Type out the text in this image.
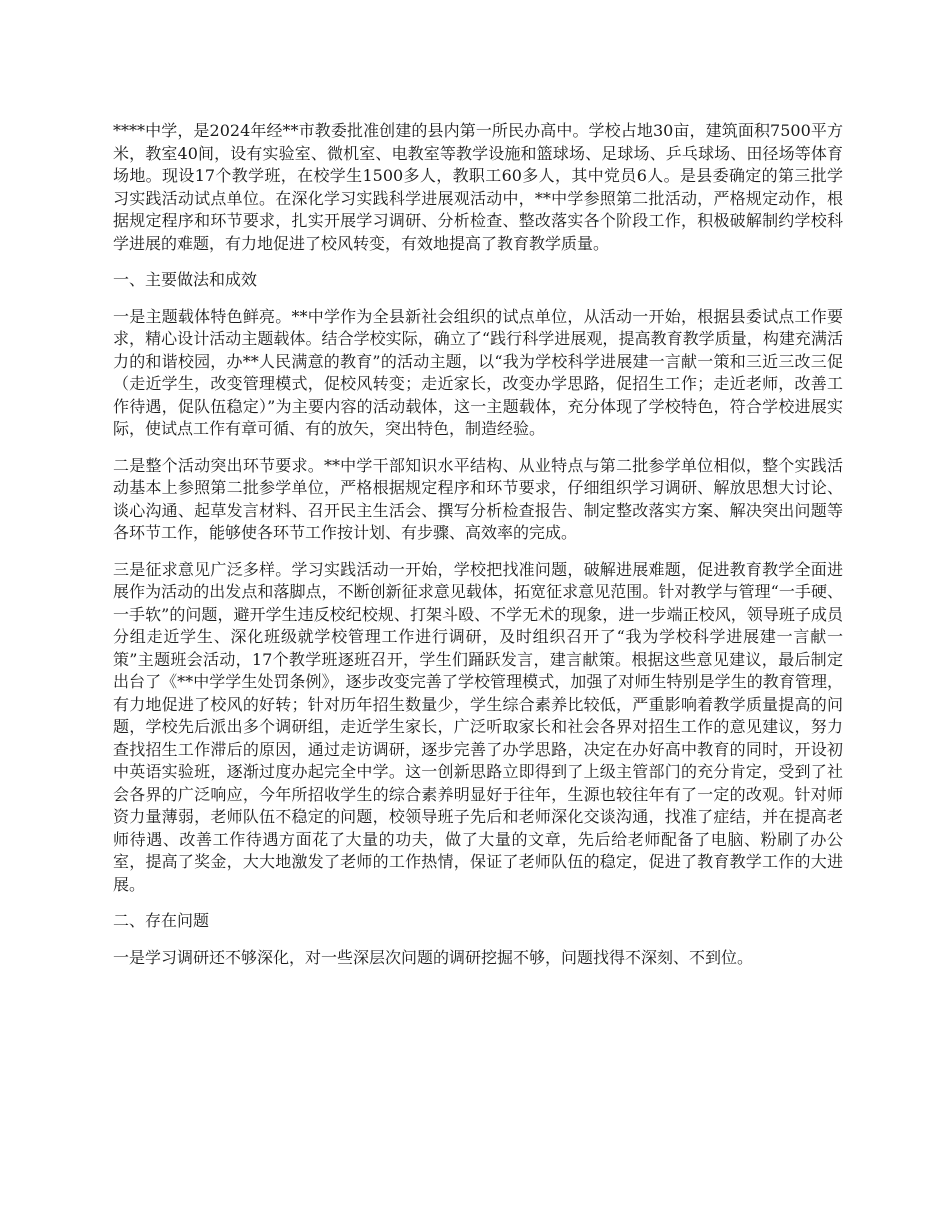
****中学，是2024年经**市教委批准创建的县内第一所民办高中。学校占地30亩，建筑面积7500平方米，教室40间，设有实验室、微机室、电教室等教学设施和篮球场、足球场、乒乓球场、田径场等体育场地。现设17个教学班，在校学生1500多人，教职工60多人，其中党员6人。是县委确定的第三批学习实践活动试点单位。在深化学习实践科学进展观活动中，**中学参照第二批活动，严格规定动作，根据规定程序和环节要求，扎实开展学习调研、分析检查、整改落实各个阶段工作，积极破解制约学校科学进展的难题，有力地促进了校风转变，有效地提高了教育教学质量。

一、主要做法和成效

一是主题载体特色鲜亮。**中学作为全县新社会组织的试点单位，从活动一开始，根据县委试点工作要求，精心设计活动主题载体。结合学校实际，确立了“践行科学进展观，提高教育教学质量，构建充满活力的和谐校园，办**人民满意的教育”的活动主题，以“我为学校科学进展建一言献一策和三近三改三促（走近学生，改变管理模式，促校风转变；走近家长，改变办学思路，促招生工作；走近老师，改善工作待遇，促队伍稳定）”为主要内容的活动载体，这一主题载体，充分体现了学校特色，符合学校进展实际，使试点工作有章可循、有的放矢，突出特色，制造经验。

二是整个活动突出环节要求。**中学干部知识水平结构、从业特点与第二批参学单位相似，整个实践活动基本上参照第二批参学单位，严格根据规定程序和环节要求，仔细组织学习调研、解放思想大讨论、谈心沟通、起草发言材料、召开民主生活会、撰写分析检查报告、制定整改落实方案、解决突出问题等各环节工作，能够使各环节工作按计划、有步骤、高效率的完成。

三是征求意见广泛多样。学习实践活动一开始，学校把找准问题，破解进展难题，促进教育教学全面进展作为活动的出发点和落脚点，不断创新征求意见载体，拓宽征求意见范围。针对教学与管理“一手硬、一手软”的问题，避开学生违反校纪校规、打架斗殴、不学无术的现象，进一步端正校风，领导班子成员分组走近学生、深化班级就学校管理工作进行调研，及时组织召开了“我为学校科学进展建一言献一策”主题班会活动，17个教学班逐班召开，学生们踊跃发言，建言献策。根据这些意见建议，最后制定出台了《**中学学生处罚条例》，逐步改变完善了学校管理模式，加强了对师生特别是学生的教育管理，有力地促进了校风的好转；针对历年招生数量少，学生综合素养比较低，严重影响着教学质量提高的问题，学校先后派出多个调研组，走近学生家长，广泛听取家长和社会各界对招生工作的意见建议，努力查找招生工作滞后的原因，通过走访调研，逐步完善了办学思路，决定在办好高中教育的同时，开设初中英语实验班，逐渐过度办起完全中学。这一创新思路立即得到了上级主管部门的充分肯定，受到了社会各界的广泛响应，今年所招收学生的综合素养明显好于往年，生源也较往年有了一定的改观。针对师资力量薄弱，老师队伍不稳定的问题，校领导班子先后和老师深化交谈沟通，找准了症结，并在提高老师待遇、改善工作待遇方面花了大量的功夫，做了大量的文章，先后给老师配备了电脑、粉刷了办公室，提高了奖金，大大地激发了老师的工作热情，保证了老师队伍的稳定，促进了教育教学工作的大进展。

二、存在问题

一是学习调研还不够深化，对一些深层次问题的调研挖掘不够，问题找得不深刻、不到位。
